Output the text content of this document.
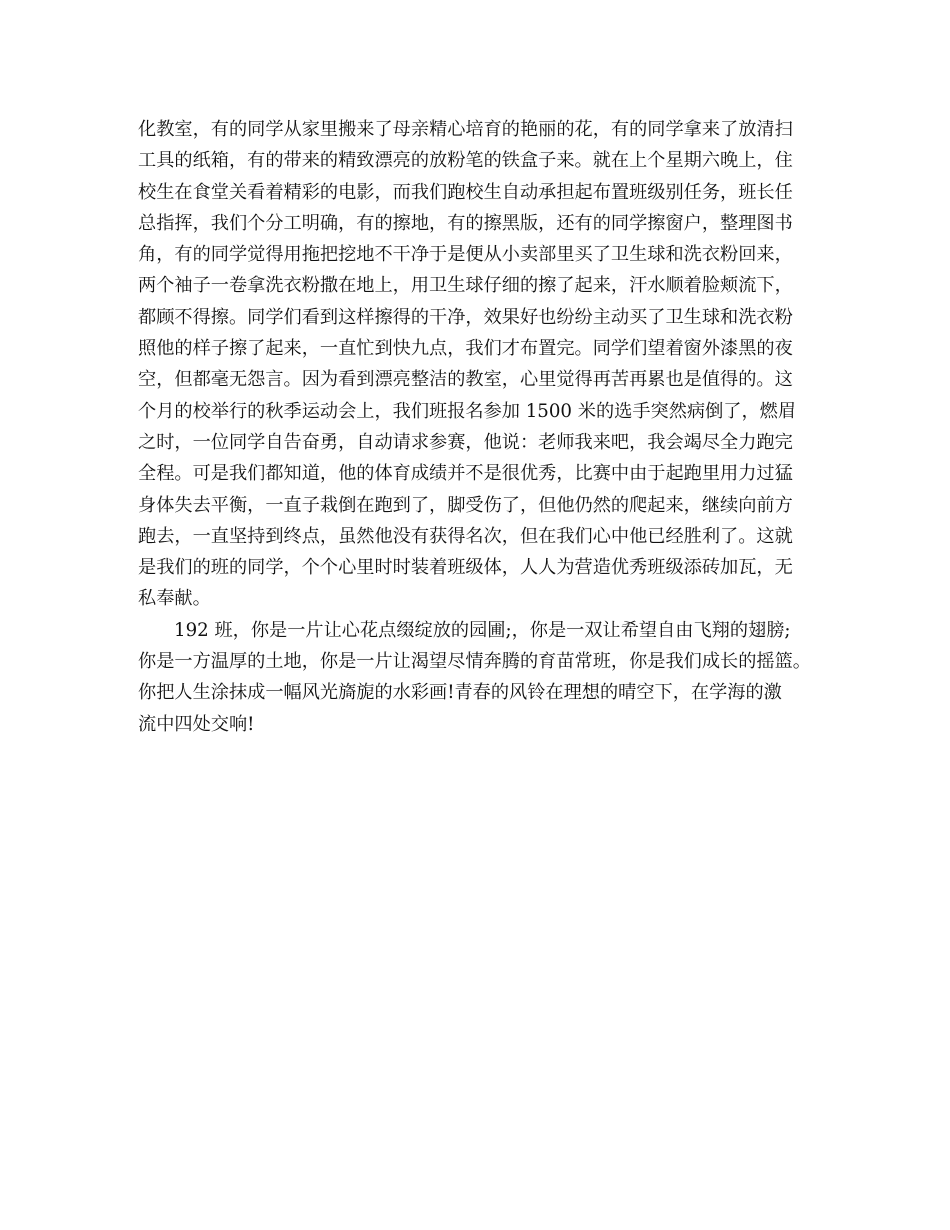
化教室，有的同学从家里搬来了母亲精心培育的艳丽的花，有的同学拿来了放清扫
工具的纸箱，有的带来的精致漂亮的放粉笔的铁盒子来。就在上个星期六晚上，住
校生在食堂关看着精彩的电影，而我们跑校生自动承担起布置班级别任务，班长任
总指挥，我们个分工明确，有的擦地，有的擦黑版，还有的同学擦窗户，整理图书
角，有的同学觉得用拖把挖地不干净于是便从小卖部里买了卫生球和洗衣粉回来，
两个袖子一卷拿洗衣粉撒在地上，用卫生球仔细的擦了起来，汗水顺着脸颊流下，
都顾不得擦。同学们看到这样擦得的干净，效果好也纷纷主动买了卫生球和洗衣粉
照他的样子擦了起来，一直忙到快九点，我们才布置完。同学们望着窗外漆黑的夜
空，但都毫无怨言。因为看到漂亮整洁的教室，心里觉得再苦再累也是值得的。这
个月的校举行的秋季运动会上，我们班报名参加 1500 米的选手突然病倒了，燃眉
之时，一位同学自告奋勇，自动请求参赛，他说：老师我来吧，我会竭尽全力跑完
全程。可是我们都知道，他的体育成绩并不是很优秀，比赛中由于起跑里用力过猛
身体失去平衡，一直子栽倒在跑到了，脚受伤了，但他仍然的爬起来，继续向前方
跑去，一直坚持到终点，虽然他没有获得名次，但在我们心中他已经胜利了。这就
是我们的班的同学，个个心里时时装着班级体，人人为营造优秀班级添砖加瓦，无
私奉献。
192 班，你是一片让心花点缀绽放的园圃;，你是一双让希望自由飞翔的翅膀;
你是一方温厚的土地，你是一片让渴望尽情奔腾的育苗常班，你是我们成长的摇篮。
你把人生涂抹成一幅风光旖旎的水彩画!青春的风铃在理想的晴空下，在学海的激
流中四处交响!
